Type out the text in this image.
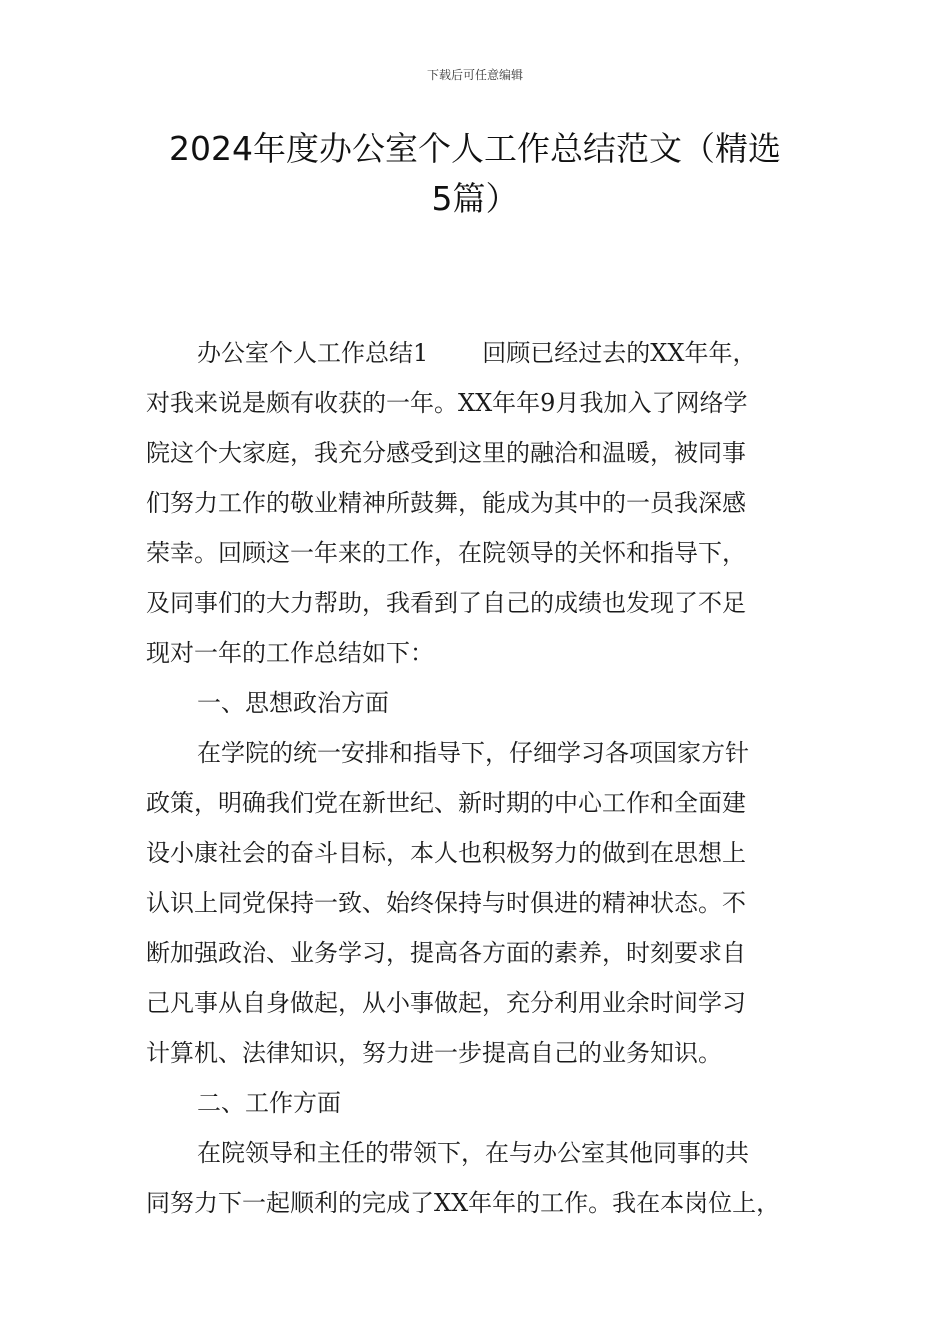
下载后可任意编辑
2024年度办公室个人工作总结范文（精选
5篇）
办公室个人工作总结1 回顾已经过去的XX年年，
对我来说是颇有收获的一年。XX年年9月我加入了网络学
院这个大家庭，我充分感受到这里的融洽和温暖，被同事
们努力工作的敬业精神所鼓舞，能成为其中的一员我深感
荣幸。回顾这一年来的工作，在院领导的关怀和指导下，
及同事们的大力帮助，我看到了自己的成绩也发现了不足
现对一年的工作总结如下：
一、思想政治方面
在学院的统一安排和指导下，仔细学习各项国家方针
政策，明确我们党在新世纪、新时期的中心工作和全面建
设小康社会的奋斗目标，本人也积极努力的做到在思想上
认识上同党保持一致、始终保持与时俱进的精神状态。不
断加强政治、业务学习，提高各方面的素养，时刻要求自
己凡事从自身做起，从小事做起，充分利用业余时间学习
计算机、法律知识，努力进一步提高自己的业务知识。
二、工作方面
在院领导和主任的带领下，在与办公室其他同事的共
同努力下一起顺利的完成了XX年年的工作。我在本岗位上，
